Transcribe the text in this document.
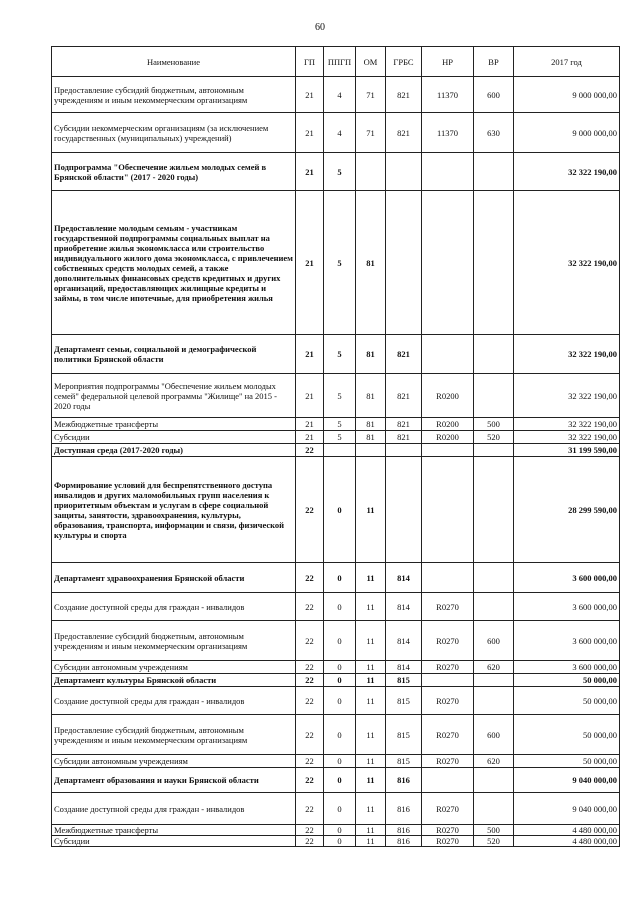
60
Наименование	ГП	ППГП	ОМ	ГРБС	НР	ВР	2017 год
Предоставление субсидий бюджетным, автономным учреждениям и иным некоммерческим организациям	21	4	71	821	11370	600	9 000 000,00
Субсидии некоммерческим организациям (за исключением государственных (муниципальных) учреждений)	21	4	71	821	11370	630	9 000 000,00
Подпрограмма "Обеспечение жильем молодых семей в Брянской области" (2017 - 2020 годы)	21	5					32 322 190,00
Предоставление молодым семьям - участникам государственной подпрограммы социальных выплат на приобретение жилья экономкласса или строительство индивидуального жилого дома экономкласса, с привлечением собственных средств молодых семей, а также дополнительных финансовых средств кредитных и других организаций, предоставляющих жилищные кредиты и займы, в том числе ипотечные, для приобретения жилья	21	5	81				32 322 190,00
Департамент семьи, социальной и демографической политики Брянской области	21	5	81	821			32 322 190,00
Мероприятия подпрограммы "Обеспечение жильем молодых семей" федеральной целевой программы "Жилище" на 2015 - 2020 годы	21	5	81	821	R0200		32 322 190,00
Межбюджетные трансферты	21	5	81	821	R0200	500	32 322 190,00
Субсидии	21	5	81	821	R0200	520	32 322 190,00
Доступная среда (2017-2020 годы)	22						31 199 590,00
Формирование условий для беспрепятственного доступа инвалидов и других маломобильных групп населения к приоритетным объектам и услугам в сфере социальной защиты, занятости, здравоохранения, культуры, образования, транспорта, информации и связи, физической культуры и спорта	22	0	11				28 299 590,00
Департамент здравоохранения Брянской области	22	0	11	814			3 600 000,00
Создание доступной среды для граждан - инвалидов	22	0	11	814	R0270		3 600 000,00
Предоставление субсидий бюджетным, автономным учреждениям и иным некоммерческим организациям	22	0	11	814	R0270	600	3 600 000,00
Субсидии автономным учреждениям	22	0	11	814	R0270	620	3 600 000,00
Департамент культуры Брянской области	22	0	11	815			50 000,00
Создание доступной среды для граждан - инвалидов	22	0	11	815	R0270		50 000,00
Предоставление субсидий бюджетным, автономным учреждениям и иным некоммерческим организациям	22	0	11	815	R0270	600	50 000,00
Субсидии автономным учреждениям	22	0	11	815	R0270	620	50 000,00
Департамент образования и науки Брянской области	22	0	11	816			9 040 000,00
Создание доступной среды для граждан - инвалидов	22	0	11	816	R0270		9 040 000,00
Межбюджетные трансферты	22	0	11	816	R0270	500	4 480 000,00
Субсидии	22	0	11	816	R0270	520	4 480 000,00
